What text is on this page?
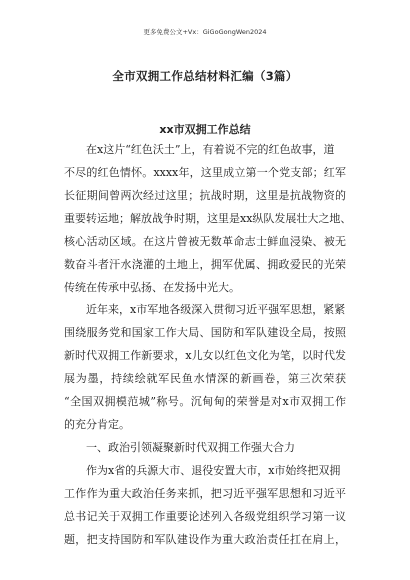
更多免费公文+Vx：GiGoGongWen2024
全市双拥工作总结材料汇编（3篇）
xx市双拥工作总结
在x这片“红色沃土”上，有着说不完的红色故事，道
不尽的红色情怀。xxxx年，这里成立第一个党支部；红军
长征期间曾两次经过这里；抗战时期，这里是抗战物资的
重要转运地；解放战争时期，这里是xx纵队发展壮大之地、
核心活动区域。在这片曾被无数革命志士鲜血浸染、被无
数奋斗者汗水浇灌的土地上，拥军优属、拥政爱民的光荣
传统在传承中弘扬、在发扬中光大。
近年来，x市军地各级深入贯彻习近平强军思想，紧紧
围绕服务党和国家工作大局、国防和军队建设全局，按照
新时代双拥工作新要求，x儿女以红色文化为笔，以时代发
展为墨，持续绘就军民鱼水情深的新画卷，第三次荣获
“全国双拥模范城”称号。沉甸甸的荣誉是对x市双拥工作
的充分肯定。
一、政治引领凝聚新时代双拥工作强大合力
作为x省的兵源大市、退役安置大市，x市始终把双拥
工作作为重大政治任务来抓，把习近平强军思想和习近平
总书记关于双拥工作重要论述列入各级党组织学习第一议
题，把支持国防和军队建设作为重大政治责任扛在肩上，
